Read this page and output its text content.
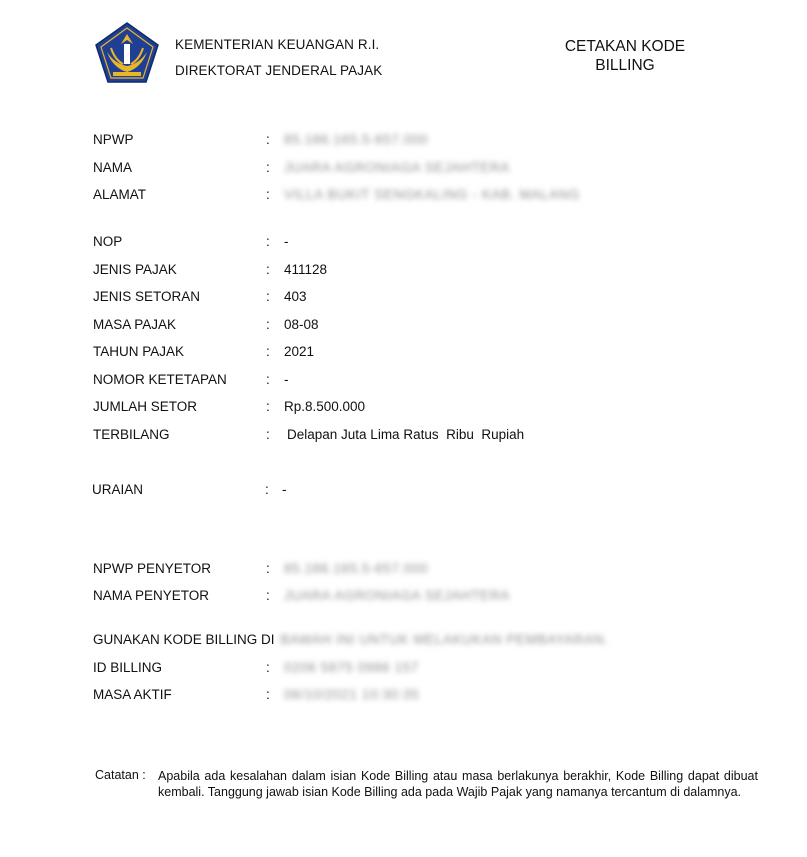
KEMENTERIAN KEUANGAN R.I.
DIREKTORAT JENDERAL PAJAK
CETAKAN KODE BILLING
NPWP	: 85.186.165.5-657.000
NAMA	: JUARA AGRONIAGA SEJAHTERA
ALAMAT	: VILLA BUKIT SENGKALING - KAB. MALANG
NOP	: -
JENIS PAJAK	: 411128
JENIS SETORAN	: 403
MASA PAJAK	: 08-08
TAHUN PAJAK	: 2021
NOMOR KETETAPAN	: -
JUMLAH SETOR	: Rp.8.500.000
TERBILANG	: Delapan Juta Lima Ratus  Ribu  Rupiah
URAIAN	: -
NPWP PENYETOR	: 85.186.165.5-657.000
NAMA PENYETOR	: JUARA AGRONIAGA SEJAHTERA
GUNAKAN KODE BILLING DI BAWAH INI UNTUK MELAKUKAN PEMBAYARAN.
ID BILLING	: 0206 5875 0986 157
MASA AKTIF	: 06/10/2021 10:30:35
Catatan : Apabila ada kesalahan dalam isian Kode Billing atau masa berlakunya berakhir, Kode Billing dapat dibuat kembali. Tanggung jawab isian Kode Billing ada pada Wajib Pajak yang namanya tercantum di dalamnya.
